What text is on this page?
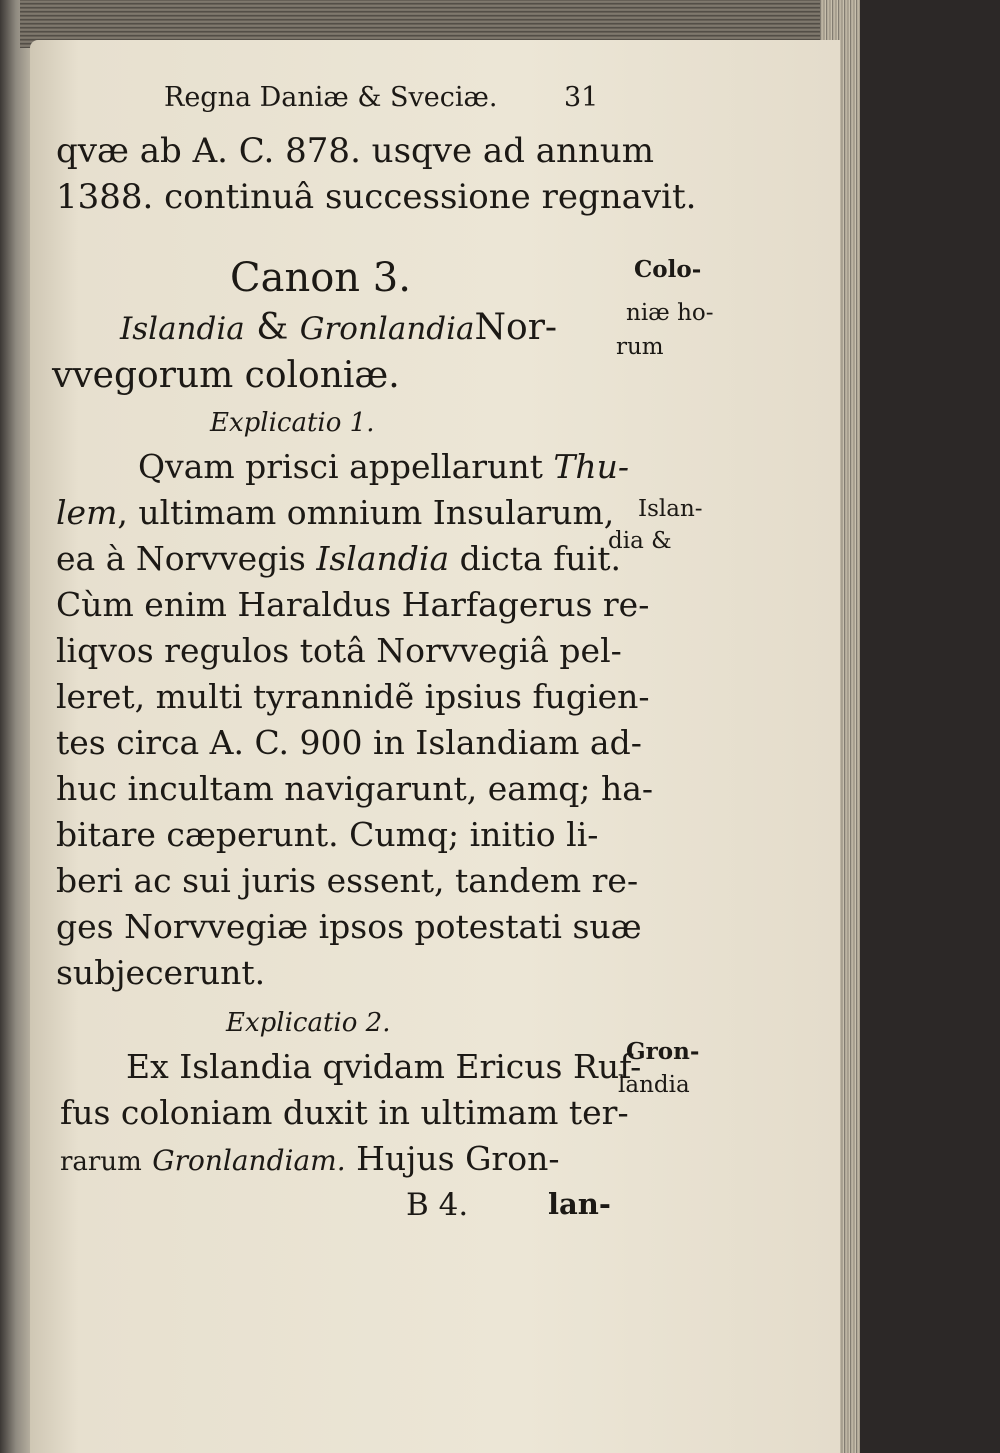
Regna Daniæ & Sveciæ. 31
qvæ ab A. C. 878. usqve ad annum
1388. continuâ successione regnavit.
Canon 3.
Islandia & GronlandiaNor-
vvegorum coloniæ.
Colo-
niæ ho-
rum
Explicatio 1.
Qvam prisci appellarunt Thu-
lem, ultimam omnium Insularum,
ea à Norvvegis Islandia dicta fuit.
Cùm enim Haraldus Harfagerus re-
liqvos regulos totâ Norvvegiâ pel-
leret, multi tyrannidẽ ipsius fugien-
tes circa A. C. 900 in Islandiam ad-
huc incultam navigarunt, eamq; ha-
bitare cæperunt. Cumq; initio li-
beri ac sui juris essent, tandem re-
ges Norvvegiæ ipsos potestati suæ
subjecerunt.
Islan-
dia &
Explicatio 2.
Ex Islandia qvidam Ericus Ruf-
fus coloniam duxit in ultimam ter-
rarum Gronlandiam. Hujus Gron-
Gron-
landia
B 4.	lan-
